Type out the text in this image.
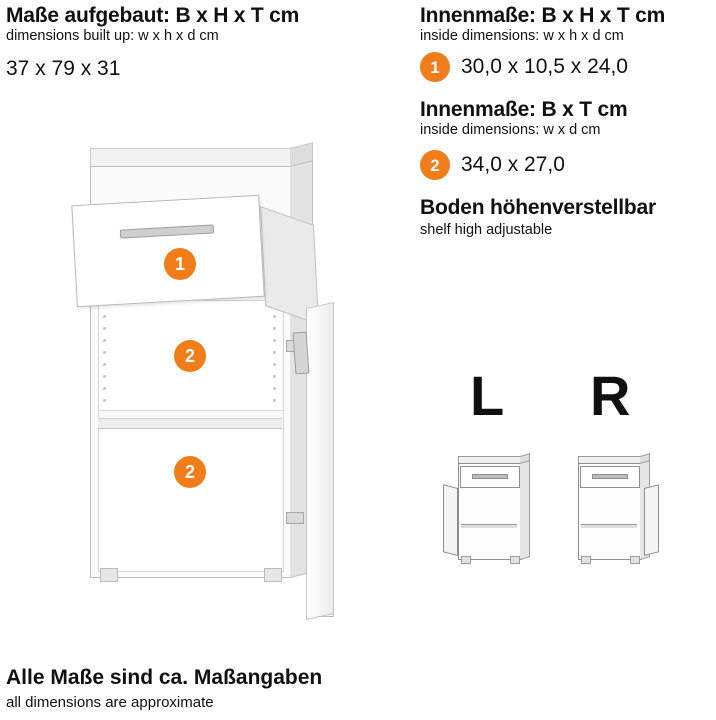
Maße aufgebaut: B x H x T cm
dimensions built up: w x h x d cm
37 x 79 x 31
Innenmaße: B x H x T cm
inside dimensions: w x h x d cm
1	30,0 x 10,5 x 24,0
Innenmaße: B x T cm
inside dimensions: w x d cm
2	34,0 x 27,0
Boden höhenverstellbar
shelf high adjustable
1
2
2
L R
Alle Maße sind ca. Maßangaben
all dimensions are approximate
